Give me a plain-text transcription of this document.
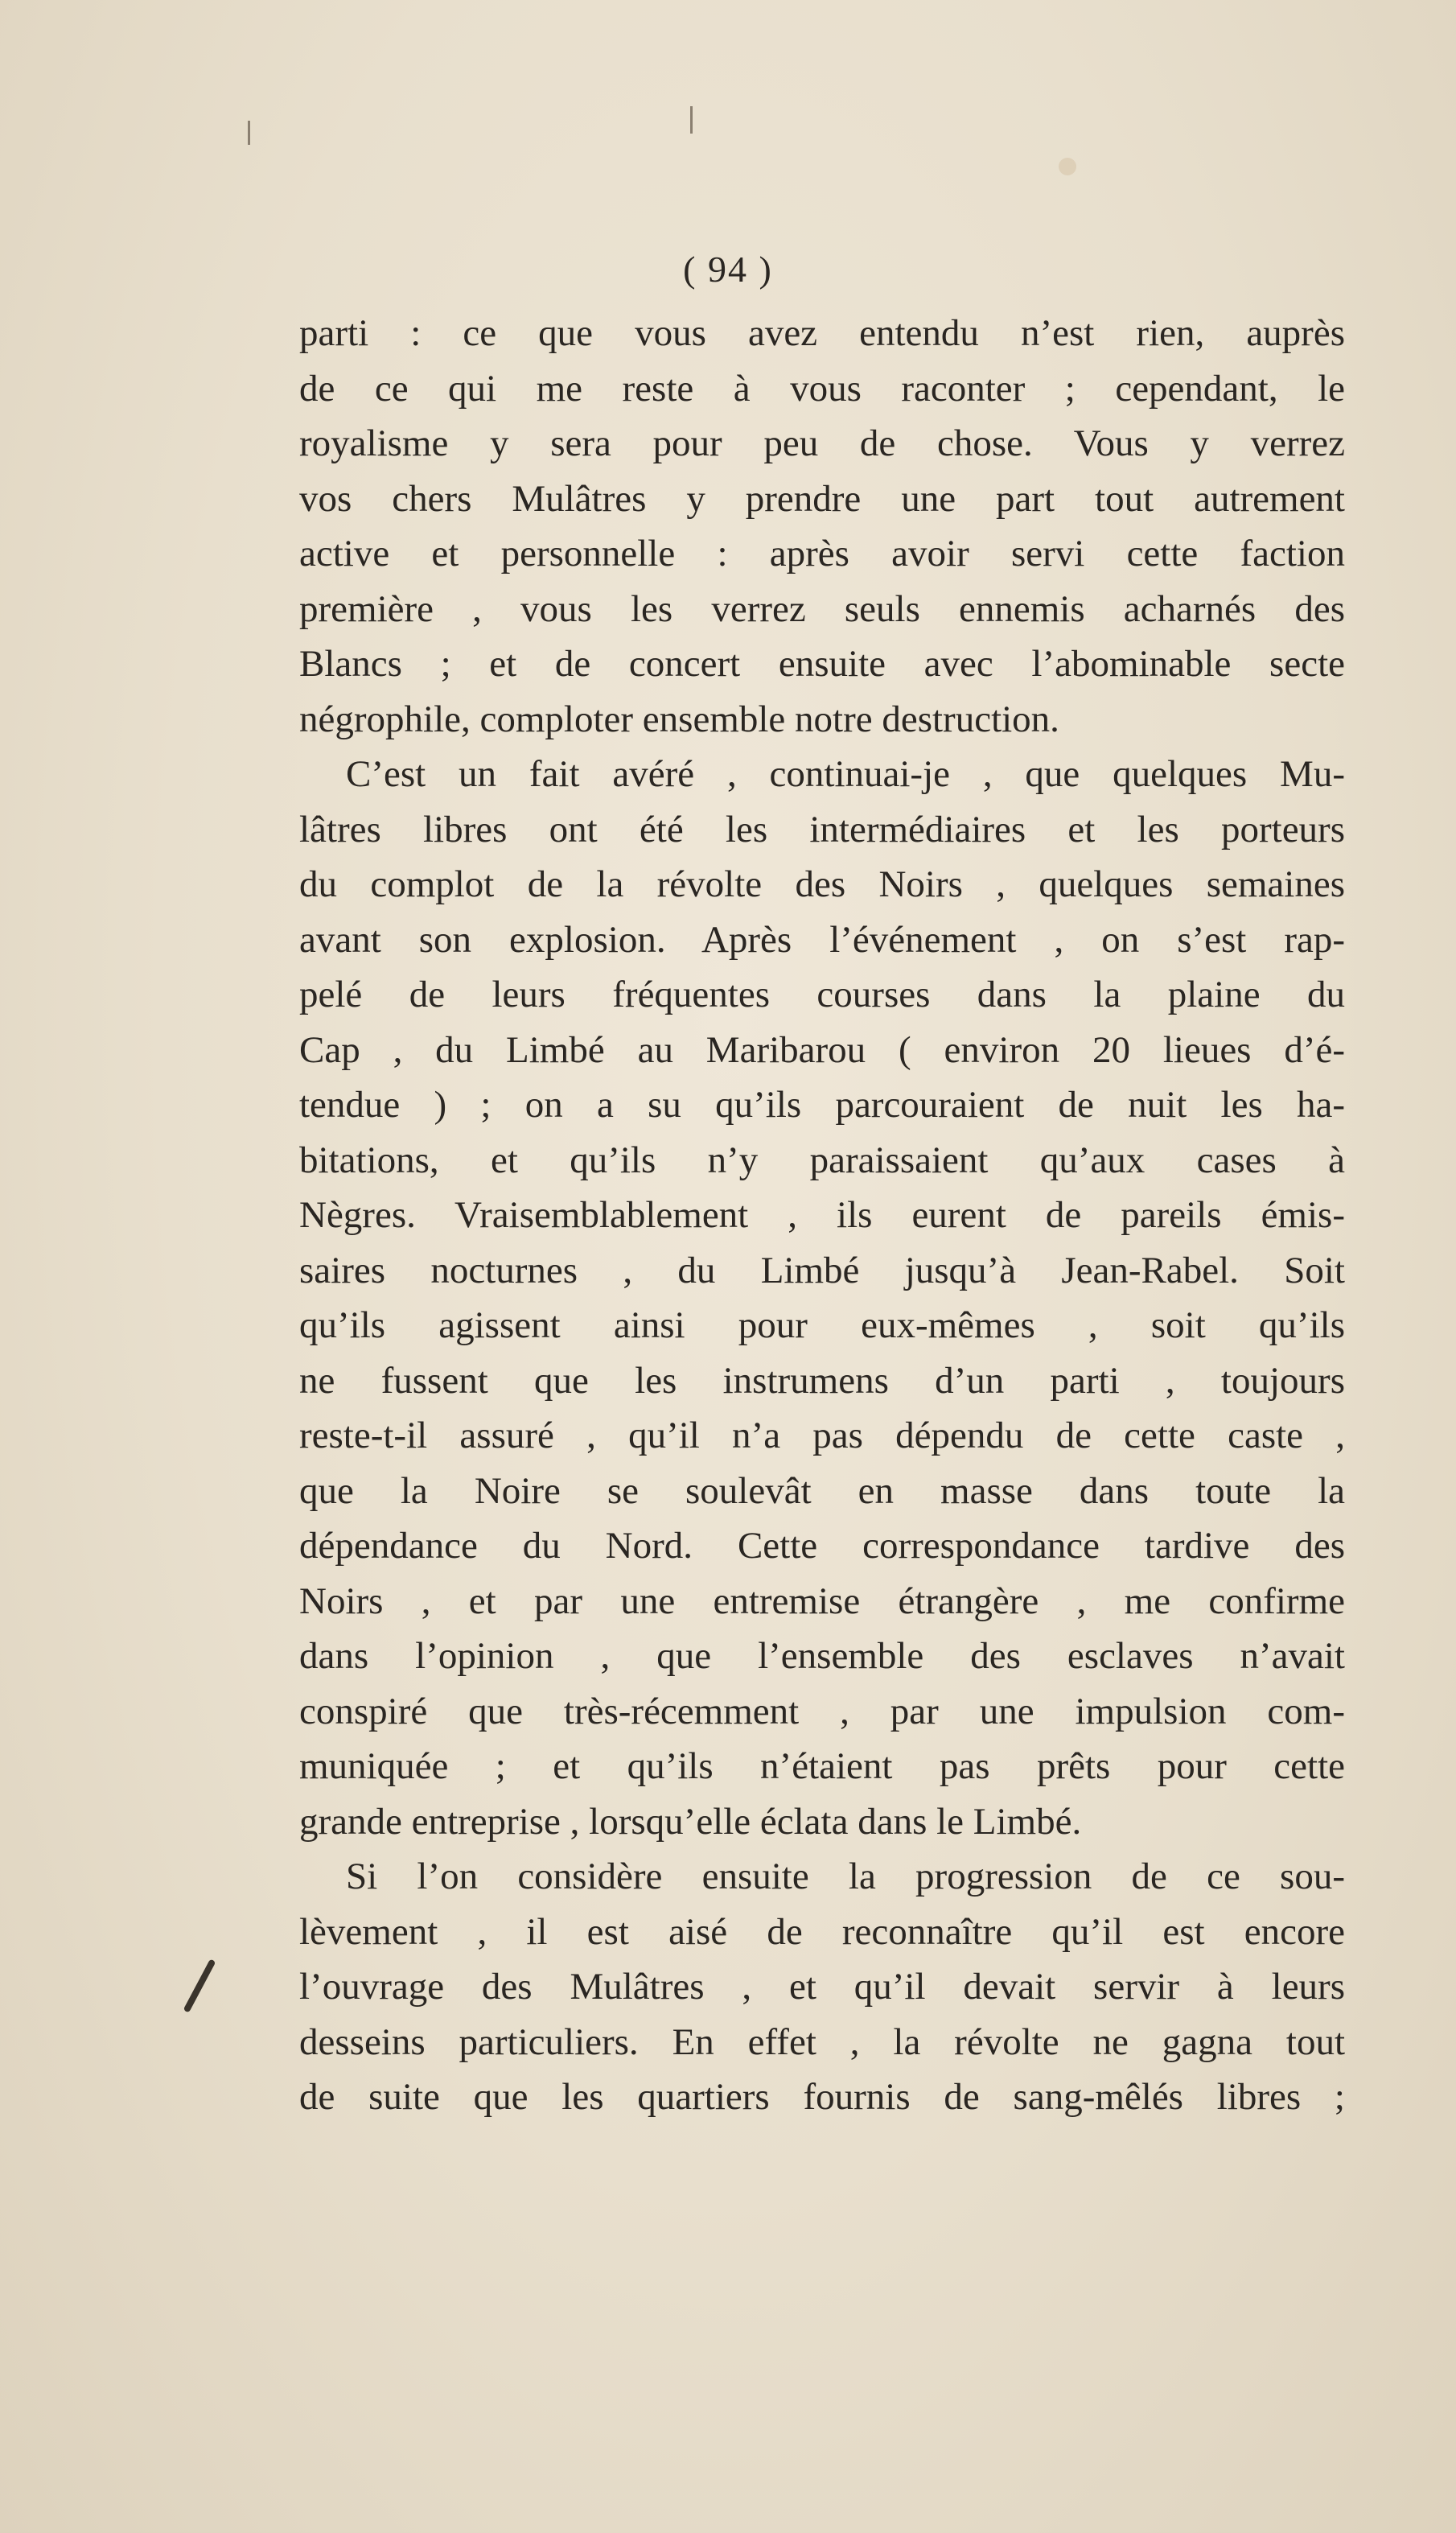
( 94 )
parti : ce que vous avez entendu n’est rien, auprès
de ce qui me reste à vous raconter ; cependant, le
royalisme y sera pour peu de chose. Vous y verrez
vos chers Mulâtres y prendre une part tout autrement
active et personnelle : après avoir servi cette faction
première , vous les verrez seuls ennemis acharnés des
Blancs ; et de concert ensuite avec l’abominable secte
négrophile, comploter ensemble notre destruction.
C’est un fait avéré , continuai-je , que quelques Mu-
lâtres libres ont été les intermédiaires et les porteurs
du complot de la révolte des Noirs , quelques semaines
avant son explosion. Après l’événement , on s’est rap-
pelé de leurs fréquentes courses dans la plaine du
Cap , du Limbé au Maribarou ( environ 20 lieues d’é-
tendue ) ; on a su qu’ils parcouraient de nuit les ha-
bitations, et qu’ils n’y paraissaient qu’aux cases à
Nègres. Vraisemblablement , ils eurent de pareils émis-
saires nocturnes , du Limbé jusqu’à Jean-Rabel. Soit
qu’ils agissent ainsi pour eux-mêmes , soit qu’ils
ne fussent que les instrumens d’un parti , toujours
reste-t-il assuré , qu’il n’a pas dépendu de cette caste ,
que la Noire se soulevât en masse dans toute la
dépendance du Nord. Cette correspondance tardive des
Noirs , et par une entremise étrangère , me confirme
dans l’opinion , que l’ensemble des esclaves n’avait
conspiré que très-récemment , par une impulsion com-
muniquée ; et qu’ils n’étaient pas prêts pour cette
grande entreprise , lorsqu’elle éclata dans le Limbé.
Si l’on considère ensuite la progression de ce sou-
lèvement , il est aisé de reconnaître qu’il est encore
l’ouvrage des Mulâtres , et qu’il devait servir à leurs
desseins particuliers. En effet , la révolte ne gagna tout
de suite que les quartiers fournis de sang-mêlés libres ;
